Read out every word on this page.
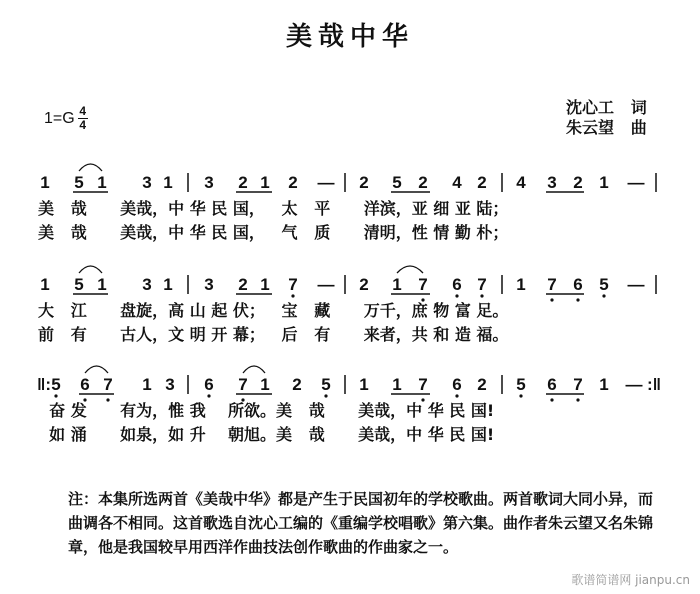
美哉中华
$1=G \frac{4}{4}$	沈心工   词
朱云望   曲
1 5 1 3 1 3 2 1 2 — 2 5 2 4 2 4 3 2 1 —
1 5 1 3 1 3 2 1 7 — 2 1 7 6 7 1 7 6 5 —
‖: 5 6 7 1 3 6 7 1 2 5 1 1 7 6 2 5 6 7 1 — :‖
美   哉      美哉，中 华 民 国，   太   平      洋滨，亚 细 亚 陆；
美   哉      美哉，中 华 民 国，   气   质      清明，性 情 勤 朴；
大   江      盘旋，高 山 起 伏；   宝   藏      万千，庶 物 富 足。
前   有      古人，文 明 开 幕；   后   有      来者，共 和 造 福。
奋 发      有为，惟 我    所欲。美   哉      美哉，中 华 民 国!
如 涌      如泉，如 升    朝旭。美   哉      美哉，中 华 民 国!

注：本集所选两首《美哉中华》都是产生于民国初年的学校歌曲。两首歌词大同小异，而曲调各不相同。这首歌选自沈心工编的《重编学校唱歌》第六集。曲作者朱云望又名朱锦章，他是我国较早用西洋作曲技法创作歌曲的作曲家之一。

歌谱简谱网 jianpu.cn
